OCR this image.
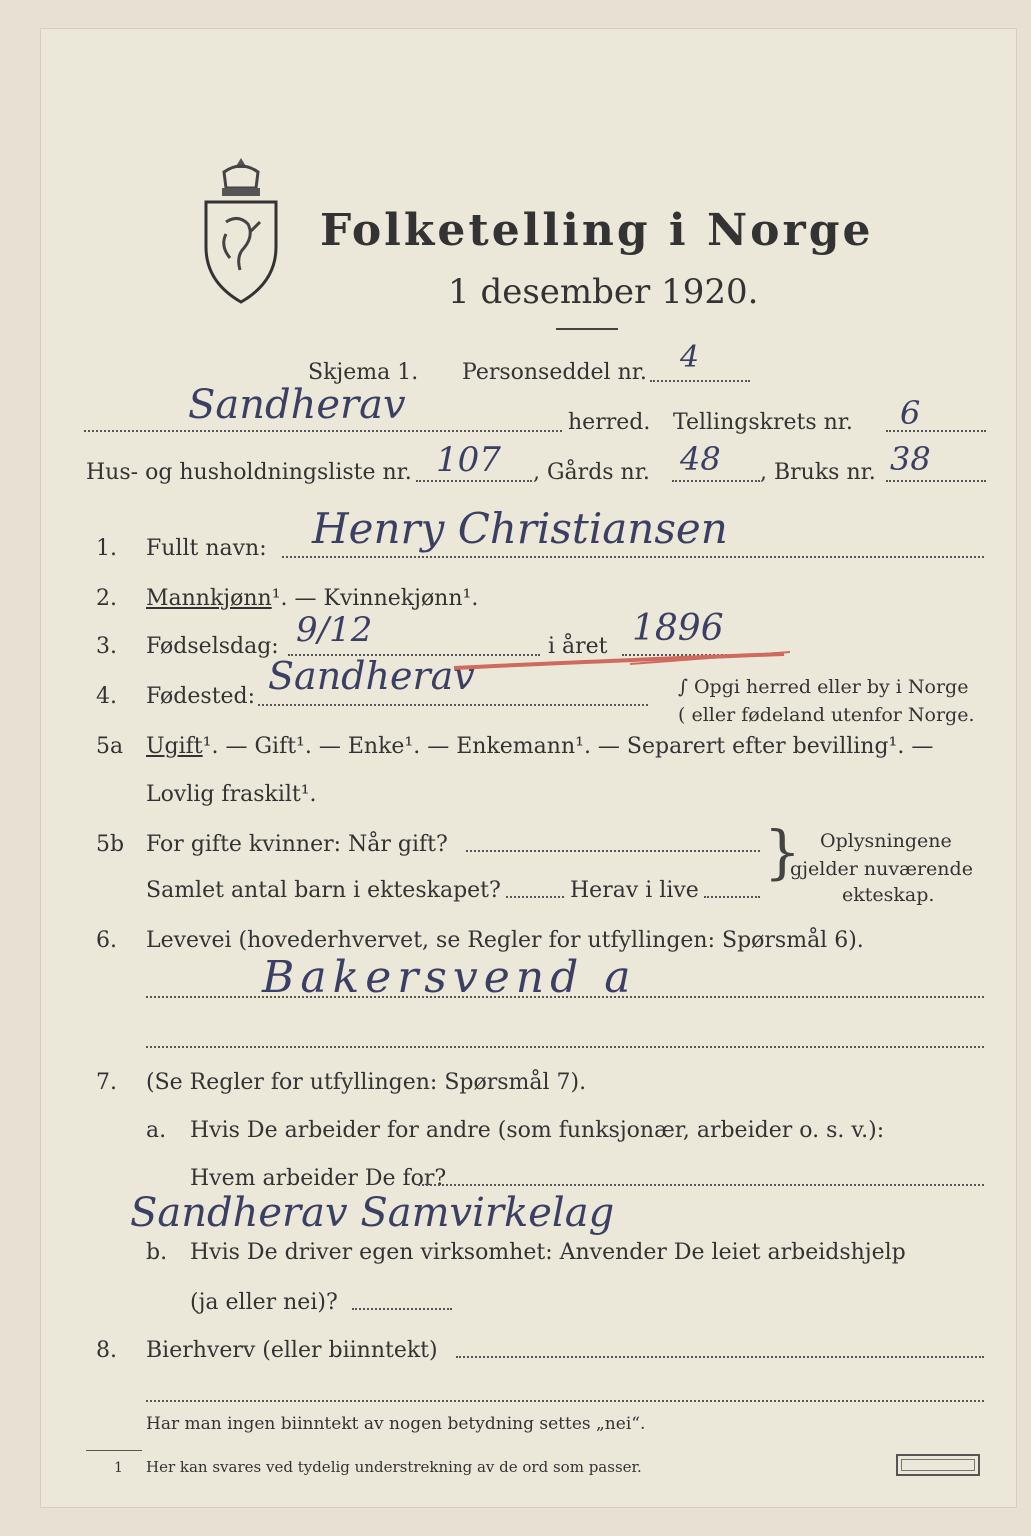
Folketelling i Norge
1 desember 1920.
Skjema 1. Personseddel nr. 4
Sandherav	herred. Tellingskrets nr. 6
Hus- og husholdningsliste nr. 107 , Gårds nr. 48 , Bruks nr. 38
1. Fullt navn: Henry Christiansen
2. Mannkjønn¹. — Kvinnekjønn¹.
3. Fødselsdag: 9/12	i året 1896
4. Fødested: Sandherav	∫ Opgi herred eller by i Norge
( eller fødeland utenfor Norge.
5a Ugift¹. — Gift¹. — Enke¹. — Enkemann¹. — Separert efter bevilling¹. —
Lovlig fraskilt¹.
5b For gifte kvinner: Når gift?
Samlet antal barn i ekteskapet?	Herav i live
} Oplysningene
gjelder nuværende
ekteskap.
6. Levevei (hovederhvervet, se Regler for utfyllingen: Spørsmål 6).
Bakersvend a
7. (Se Regler for utfyllingen: Spørsmål 7).
a. Hvis De arbeider for andre (som funksjonær, arbeider o. s. v.):
Hvem arbeider De for?
Sandherav Samvirkelag
b. Hvis De driver egen virksomhet: Anvender De leiet arbeidshjelp
(ja eller nei)?
8. Bierhverv (eller biinntekt)
Har man ingen biinntekt av nogen betydning settes „nei“.
1 Her kan svares ved tydelig understrekning av de ord som passer.
